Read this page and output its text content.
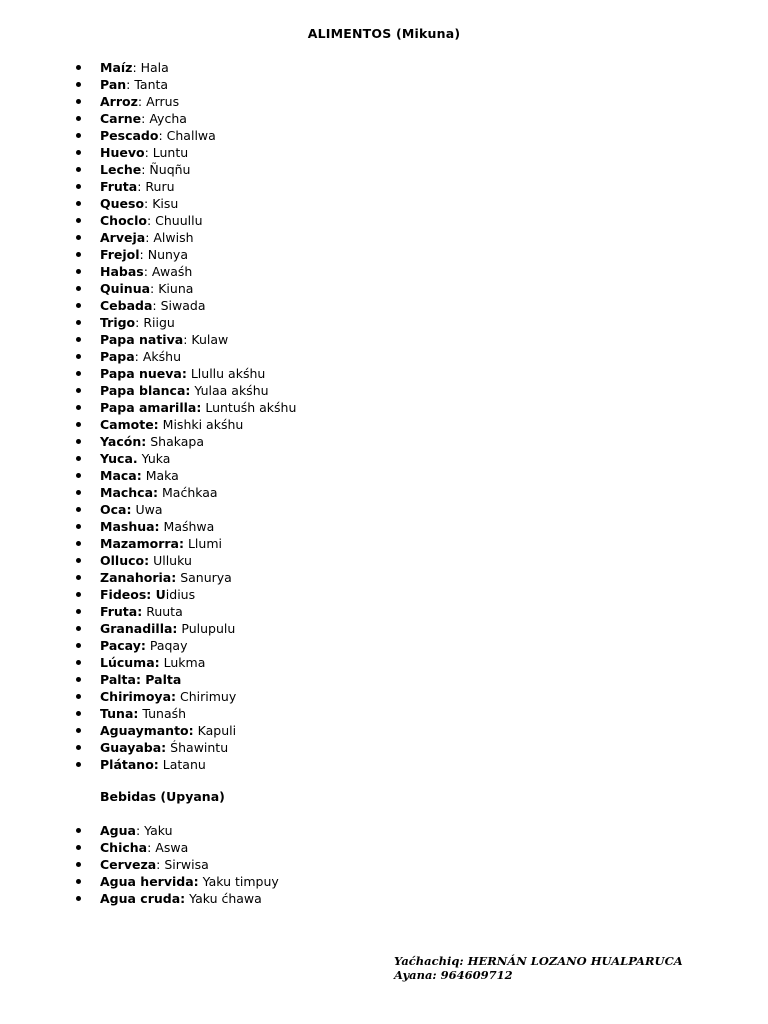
ALIMENTOS (Mikuna)
Maíz: Hala
Pan: Tanta
Arroz: Arrus
Carne: Aycha
Pescado: Challwa
Huevo: Luntu
Leche: Ñuqñu
Fruta: Ruru
Queso: Kisu
Choclo: Chuullu
Arveja: Alwish
Frejol: Nunya
Habas: Awaśh
Quinua: Kiuna
Cebada: Siwada
Trigo: Riigu
Papa nativa: Kulaw
Papa: Akśhu
Papa nueva: Llullu akśhu
Papa blanca: Yulaa akśhu
Papa amarilla: Luntuśh akśhu
Camote: Mishki akśhu
Yacón: Shakapa
Yuca. Yuka
Maca: Maka
Machca: Maćhkaa
Oca: Uwa
Mashua: Maśhwa
Mazamorra: Llumi
Olluco: Ulluku
Zanahoria: Sanurya
Fideos: Uidius
Fruta: Ruuta
Granadilla: Pulupulu
Pacay: Paqay
Lúcuma: Lukma
Palta: Palta
Chirimoya: Chirimuy
Tuna: Tunaśh
Aguaymanto: Kapuli
Guayaba: Śhawintu
Plátano: Latanu
Bebidas (Upyana)
Agua: Yaku
Chicha: Aswa
Cerveza: Sirwisa
Agua hervida: Yaku timpuy
Agua cruda: Yaku ćhawa
Yaćhachiq: HERNÁN LOZANO HUALPARUCA
Ayana: 964609712
